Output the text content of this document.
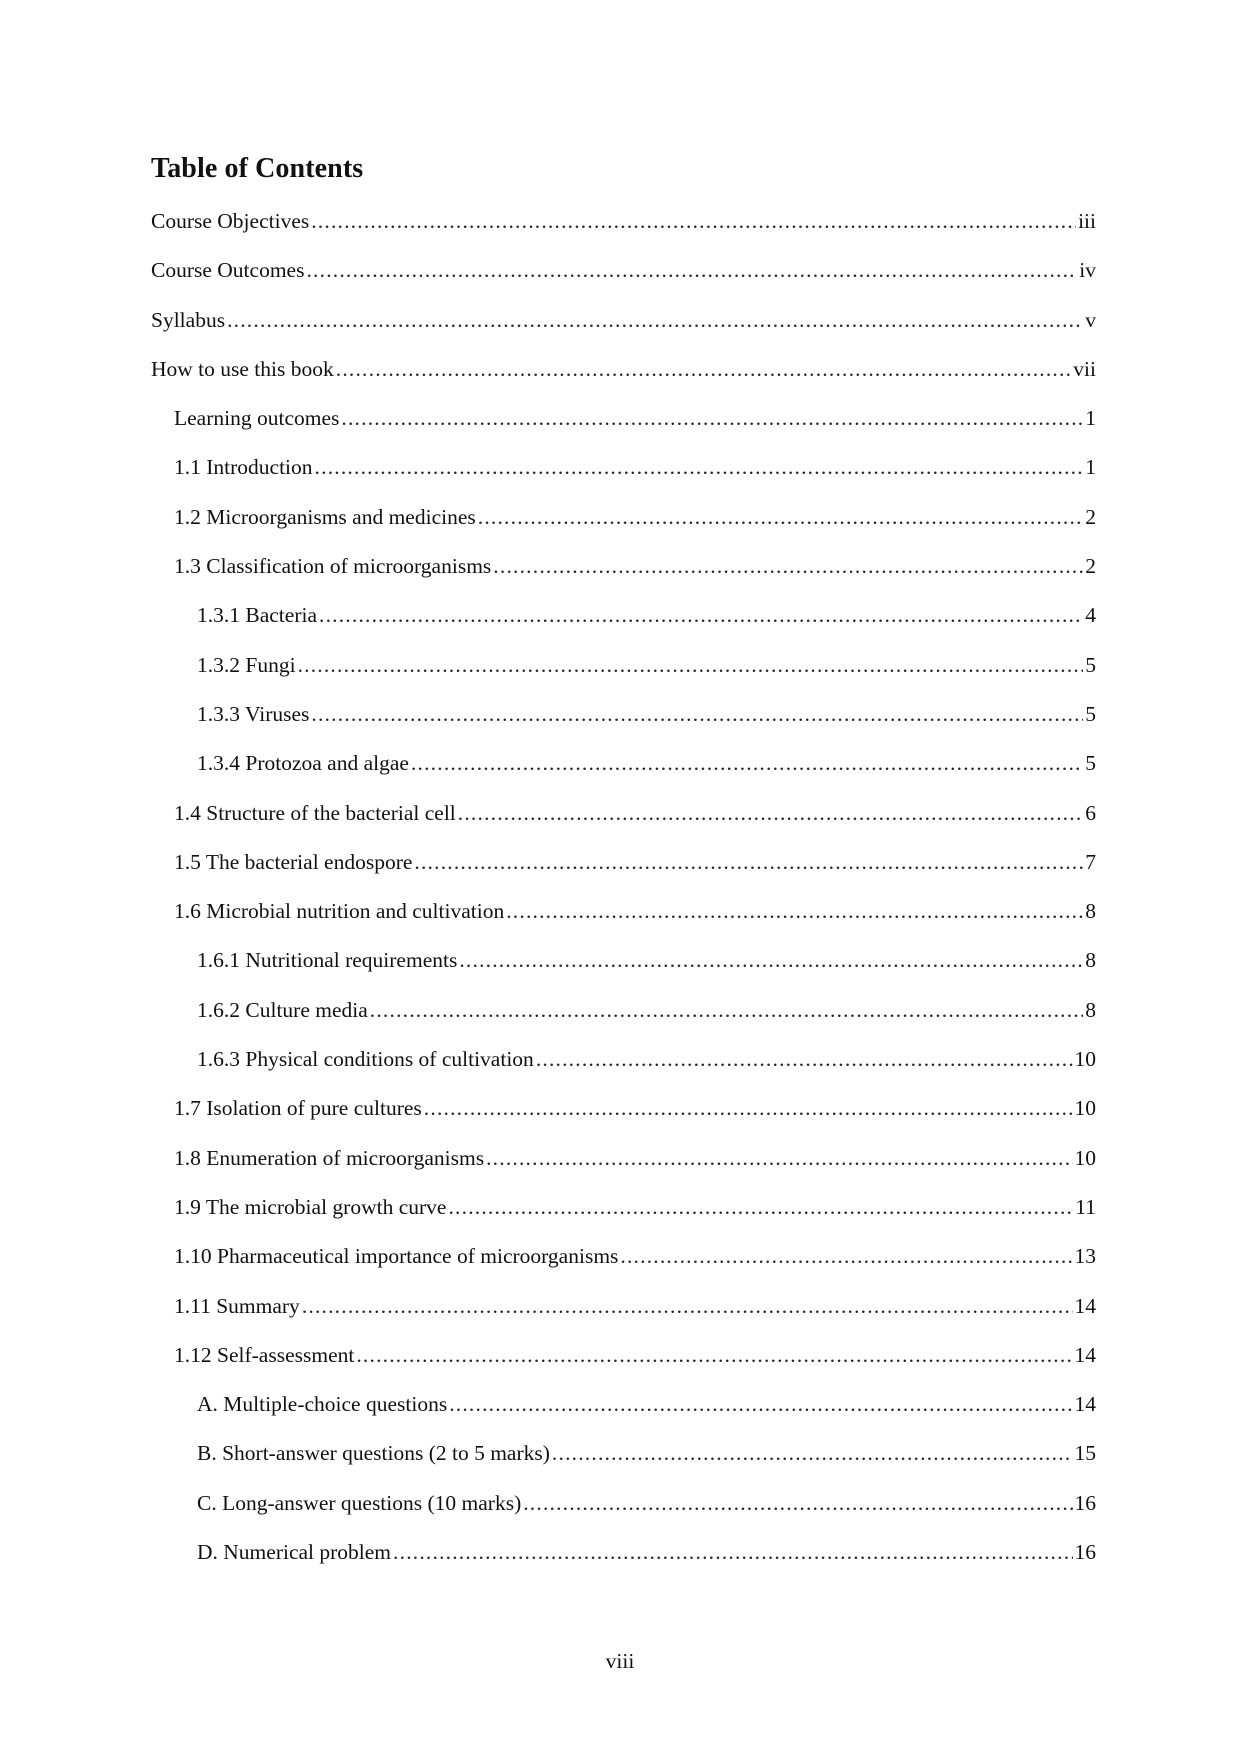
Table of Contents
Course Objectives .....	iii
Course Outcomes .....	iv
Syllabus .....	v
How to use this book .....	vii
Learning outcomes .....	1
1.1 Introduction .....	1
1.2 Microorganisms and medicines .....	2
1.3 Classification of microorganisms .....	2
1.3.1 Bacteria .....	4
1.3.2 Fungi .....	5
1.3.3 Viruses .....	5
1.3.4 Protozoa and algae .....	5
1.4 Structure of the bacterial cell .....	6
1.5 The bacterial endospore .....	7
1.6 Microbial nutrition and cultivation .....	8
1.6.1 Nutritional requirements .....	8
1.6.2 Culture media .....	8
1.6.3 Physical conditions of cultivation .....	10
1.7 Isolation of pure cultures .....	10
1.8 Enumeration of microorganisms .....	10
1.9 The microbial growth curve .....	11
1.10 Pharmaceutical importance of microorganisms .....	13
1.11 Summary .....	14
1.12 Self-assessment .....	14
A. Multiple-choice questions .....	14
B. Short-answer questions (2 to 5 marks) .....	15
C. Long-answer questions (10 marks) .....	16
D. Numerical problem .....	16
viii
